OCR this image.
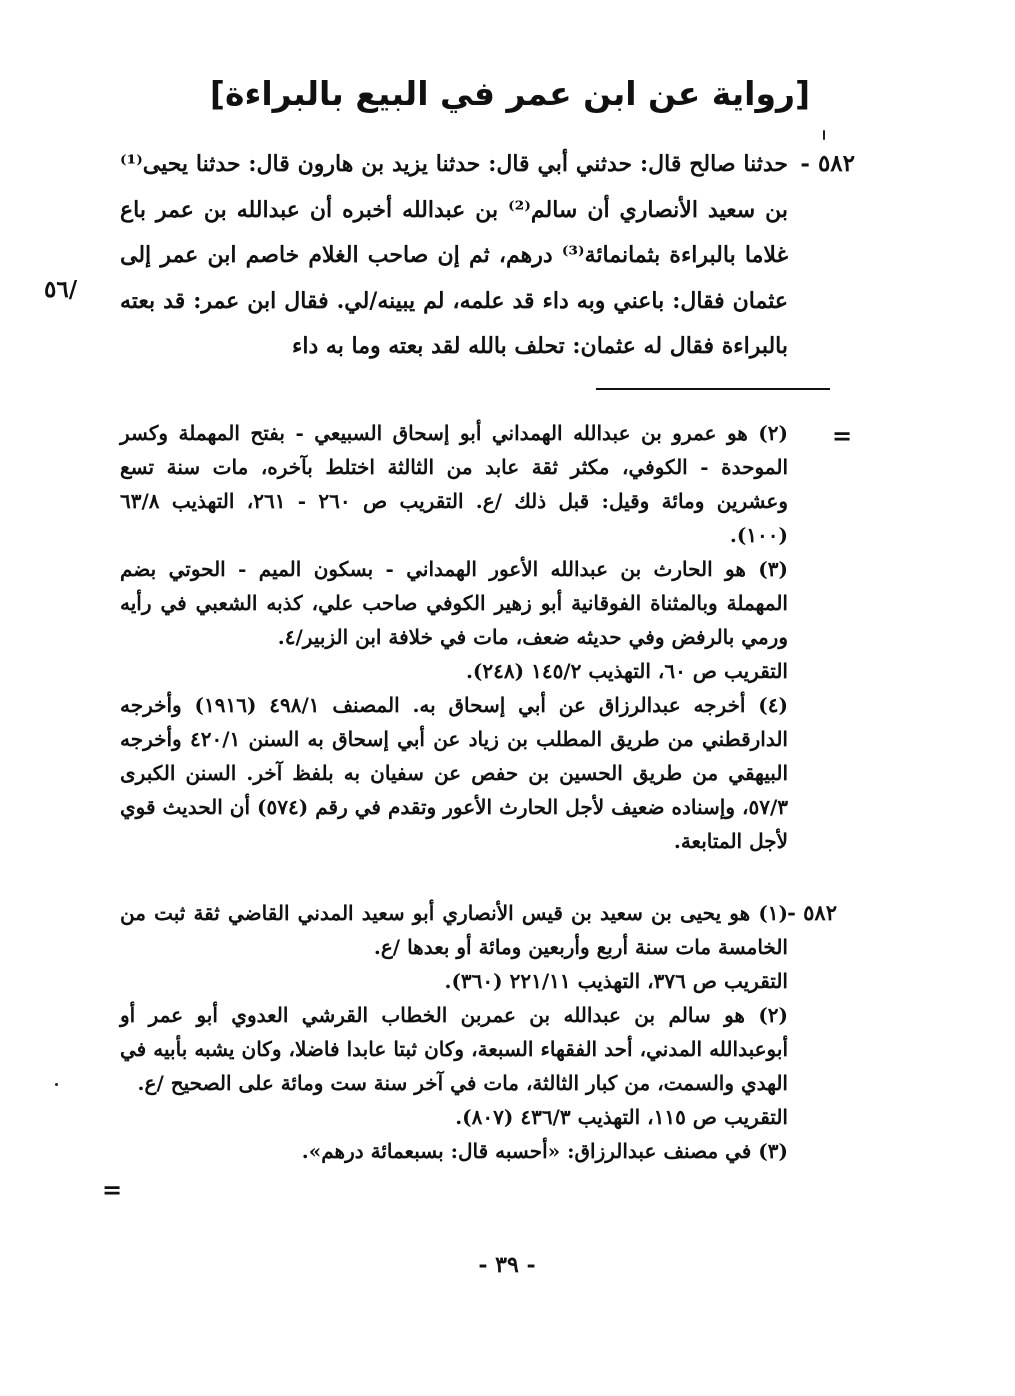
[رواية عن ابن عمر في البيع بالبراءة]
٥٨٢ -
حدثنا صالح قال: حدثني أبي قال: حدثنا يزيد بن هارون قال: حدثنا يحيى⁽¹⁾ بن سعيد الأنصاري أن سالم⁽²⁾ بن عبدالله أخبره أن عبدالله بن عمر باع غلاما بالبراءة بثمانمائة⁽³⁾ درهم، ثم إن صاحب الغلام خاصم ابن عمر إلى عثمان فقال: باعني وبه داء قد علمه، لم يبينه/لي. فقال ابن عمر: قد بعته بالبراءة فقال له عثمان: تحلف بالله لقد بعته وما به داء
/٥٦
=

(٢) هو عمرو بن عبدالله الهمداني أبو إسحاق السبيعي - بفتح المهملة وكسر الموحدة - الكوفي، مكثر ثقة عابد من الثالثة اختلط بآخره، مات سنة تسع وعشرين ومائة وقيل: قبل ذلك /ع. التقريب ص ٢٦٠ - ٢٦١، التهذيب ٦٣/٨ (١٠٠).

(٣) هو الحارث بن عبدالله الأعور الهمداني - بسكون الميم - الحوتي بضم المهملة وبالمثناة الفوقانية أبو زهير الكوفي صاحب علي، كذبه الشعبي في رأيه ورمي بالرفض وفي حديثه ضعف، مات في خلافة ابن الزبير/٤.

التقريب ص ٦٠، التهذيب ١٤٥/٢ (٢٤٨).

(٤) أخرجه عبدالرزاق عن أبي إسحاق به. المصنف ٤٩٨/١ (١٩١٦) وأخرجه الدارقطني من طريق المطلب بن زياد عن أبي إسحاق به السنن ٤٢٠/١ وأخرجه البيهقي من طريق الحسين بن حفص عن سفيان به بلفظ آخر. السنن الكبرى ٥٧/٣، وإسناده ضعيف لأجل الحارث الأعور وتقدم في رقم (٥٧٤) أن الحديث قوي لأجل المتابعة.

٥٨٢ -

(١) هو يحيى بن سعيد بن قيس الأنصاري أبو سعيد المدني القاضي ثقة ثبت من الخامسة مات سنة أربع وأربعين ومائة أو بعدها /ع.

التقريب ص ٣٧٦، التهذيب ٢٢١/١١ (٣٦٠).

(٢) هو سالم بن عبدالله بن عمربن الخطاب القرشي العدوي أبو عمر أو أبوعبدالله المدني، أحد الفقهاء السبعة، وكان ثبتا عابدا فاضلا، وكان يشبه بأبيه في الهدي والسمت، من كبار الثالثة، مات في آخر سنة ست ومائة على الصحيح /ع.

التقريب ص ١١٥، التهذيب ٤٣٦/٣ (٨٠٧).

(٣) في مصنف عبدالرزاق: «أحسبه قال: بسبعمائة درهم».

=
- ٣٩ -
